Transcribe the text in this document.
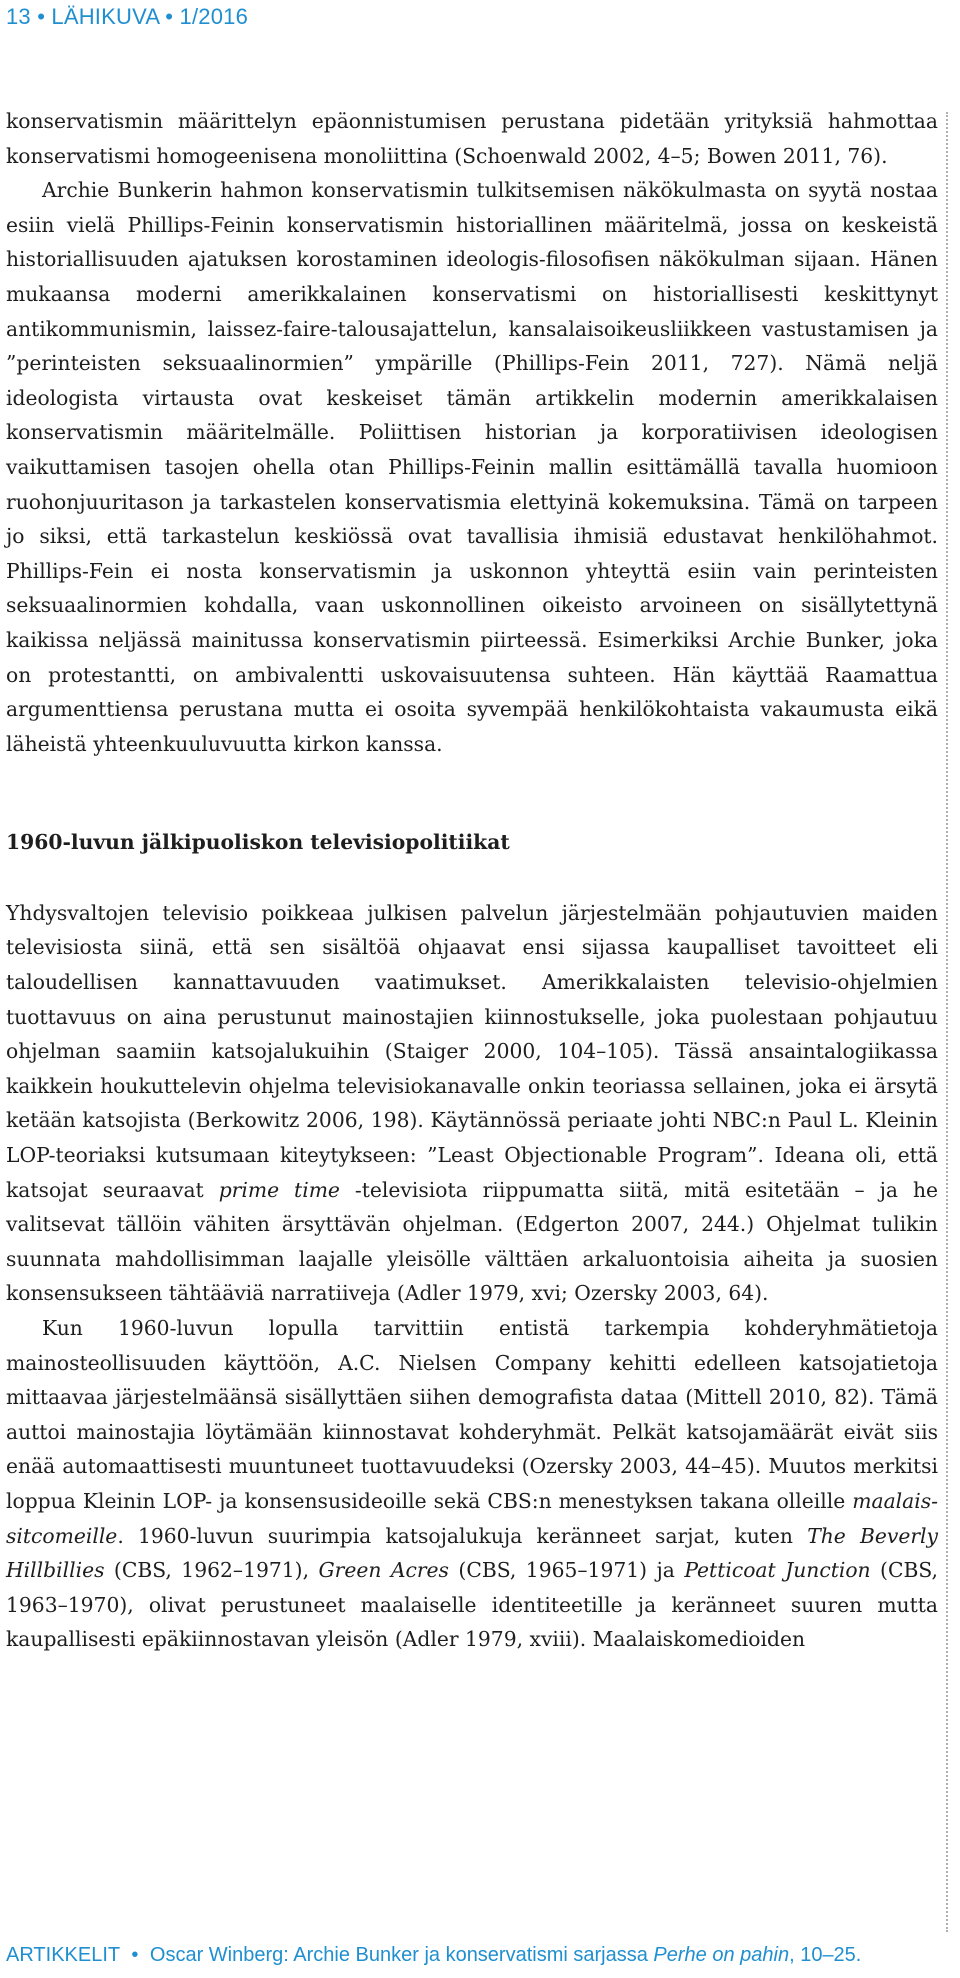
13 • LÄHIKUVA • 1/2016

konservatismin määrittelyn epäonnistumisen perustana pidetään yrityksiä hahmottaa konservatismi homogeenisena monoliittina (Schoenwald 2002, 4–5; Bowen 2011, 76).

Archie Bunkerin hahmon konservatismin tulkitsemisen näkökulmasta on syytä nostaa esiin vielä Phillips-Feinin konservatismin historiallinen määritelmä, jossa on keskeistä historiallisuuden ajatuksen korostaminen ideologis-filosofisen näkökulman sijaan. Hänen mukaansa moderni amerikkalainen konservatismi on historiallisesti keskittynyt antikommunismin, laissez-faire-talousajattelun, kansalaisoikeusliikkeen vastustamisen ja ”perinteisten seksuaalinormien” ympärille (Phillips-Fein 2011, 727). Nämä neljä ideologista virtausta ovat keskeiset tämän artikkelin modernin amerikkalaisen konservatismin määritelmälle. Poliittisen historian ja korporatiivisen ideologisen vaikuttamisen tasojen ohella otan Phillips-Feinin mallin esittämällä tavalla huomioon ruohonjuuritason ja tarkastelen konservatismia elettyinä kokemuksina. Tämä on tarpeen jo siksi, että tarkastelun keskiössä ovat tavallisia ihmisiä edustavat henkilöhahmot. Phillips-Fein ei nosta konservatismin ja uskonnon yhteyttä esiin vain perinteisten seksuaalinormien kohdalla, vaan uskonnollinen oikeisto arvoineen on sisällytettynä kaikissa neljässä mainitussa konservatismin piirteessä. Esimerkiksi Archie Bunker, joka on protestantti, on ambivalentti uskovaisuutensa suhteen. Hän käyttää Raamattua argumenttiensa perustana mutta ei osoita syvempää henkilökohtaista vakaumusta eikä läheistä yhteenkuuluvuutta kirkon kanssa.

1960-luvun jälkipuoliskon televisiopolitiikat

Yhdysvaltojen televisio poikkeaa julkisen palvelun järjestelmään pohjautuvien maiden televisiosta siinä, että sen sisältöä ohjaavat ensi sijassa kaupalliset tavoitteet eli taloudellisen kannattavuuden vaatimukset. Amerikkalaisten televisio-ohjelmien tuottavuus on aina perustunut mainostajien kiinnostukselle, joka puolestaan pohjautuu ohjelman saamiin katsojalukuihin (Staiger 2000, 104–105). Tässä ansaintalogiikassa kaikkein houkuttelevin ohjelma televisiokanavalle onkin teoriassa sellainen, joka ei ärsytä ketään katsojista (Berkowitz 2006, 198). Käytännössä periaate johti NBC:n Paul L. Kleinin LOP-teoriaksi kutsumaan kiteytykseen: ”Least Objectionable Program”. Ideana oli, että katsojat seuraavat prime time -televisiota riippumatta siitä, mitä esitetään – ja he valitsevat tällöin vähiten ärsyttävän ohjelman. (Edgerton 2007, 244.) Ohjelmat tulikin suunnata mahdollisimman laajalle yleisölle välttäen arkaluontoisia aiheita ja suosien konsensukseen tähtääviä narratiiveja (Adler 1979, xvi; Ozersky 2003, 64).

Kun 1960-luvun lopulla tarvittiin entistä tarkempia kohderyhmätietoja mainosteollisuuden käyttöön, A.C. Nielsen Company kehitti edelleen katsojatietoja mittaavaa järjestelmäänsä sisällyttäen siihen demografista dataa (Mittell 2010, 82). Tämä auttoi mainostajia löytämään kiinnostavat kohderyhmät. Pelkät katsojamäärät eivät siis enää automaattisesti muuntuneet tuottavuudeksi (Ozersky 2003, 44–45). Muutos merkitsi loppua Kleinin LOP- ja konsensusideoille sekä CBS:n menestyksen takana olleille maalais-sitcomeille. 1960-luvun suurimpia katsojalukuja keränneet sarjat, kuten The Beverly Hillbillies (CBS, 1962–1971), Green Acres (CBS, 1965–1971) ja Petticoat Junction (CBS, 1963–1970), olivat perustuneet maalaiselle identiteetille ja keränneet suuren mutta kaupallisesti epäkiinnostavan yleisön (Adler 1979, xviii). Maalaiskomedioiden

ARTIKKELIT • Oscar Winberg: Archie Bunker ja konservatismi sarjassa Perhe on pahin, 10–25.
